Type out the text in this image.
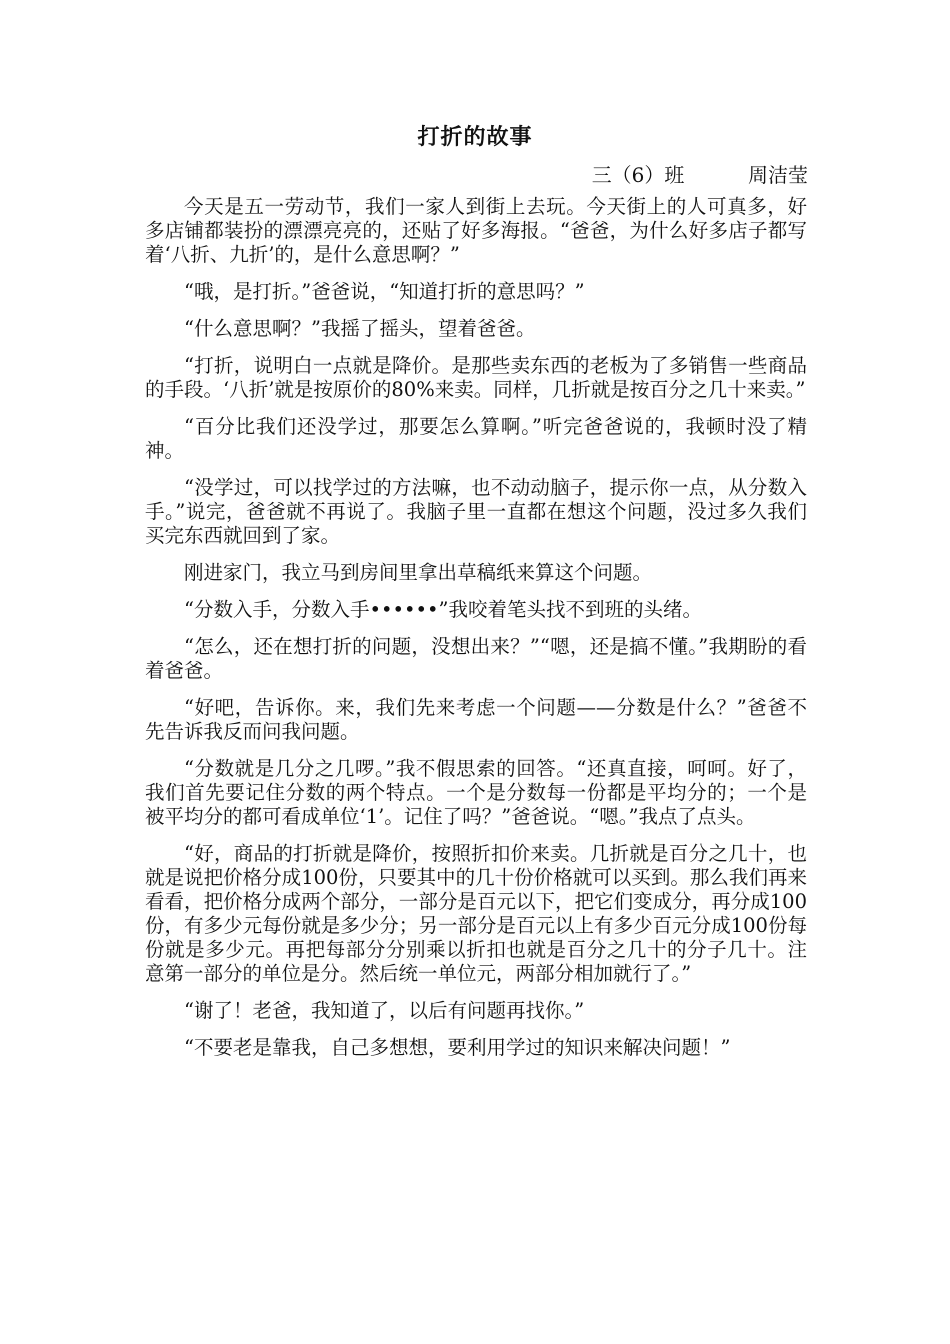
打折的故事

三（6）班          周洁莹

今天是五一劳动节，我们一家人到街上去玩。今天街上的人可真多，好多店铺都装扮的漂漂亮亮的，还贴了好多海报。“爸爸，为什么好多店子都写着‘八折、九折’的，是什么意思啊？”

“哦，是打折。”爸爸说，“知道打折的意思吗？”

“什么意思啊？”我摇了摇头，望着爸爸。

“打折，说明白一点就是降价。是那些卖东西的老板为了多销售一些商品的手段。‘八折’就是按原价的80%来卖。同样，几折就是按百分之几十来卖。”

“百分比我们还没学过，那要怎么算啊。”听完爸爸说的，我顿时没了精神。

“没学过，可以找学过的方法嘛，也不动动脑子，提示你一点，从分数入手。”说完，爸爸就不再说了。我脑子里一直都在想这个问题，没过多久我们买完东西就回到了家。

刚进家门，我立马到房间里拿出草稿纸来算这个问题。

“分数入手，分数入手••••••”我咬着笔头找不到班的头绪。

“怎么，还在想打折的问题，没想出来？”“嗯，还是搞不懂。”我期盼的看着爸爸。

“好吧，告诉你。来，我们先来考虑一个问题——分数是什么？”爸爸不先告诉我反而问我问题。

“分数就是几分之几啰。”我不假思索的回答。“还真直接，呵呵。好了，我们首先要记住分数的两个特点。一个是分数每一份都是平均分的；一个是被平均分的都可看成单位‘1’。记住了吗？”爸爸说。“嗯。”我点了点头。

“好，商品的打折就是降价，按照折扣价来卖。几折就是百分之几十，也就是说把价格分成100份，只要其中的几十份价格就可以买到。那么我们再来看看，把价格分成两个部分，一部分是百元以下，把它们变成分，再分成100份，有多少元每份就是多少分；另一部分是百元以上有多少百元分成100份每份就是多少元。再把每部分分别乘以折扣也就是百分之几十的分子几十。注意第一部分的单位是分。然后统一单位元，两部分相加就行了。”

“谢了！老爸，我知道了，以后有问题再找你。”

“不要老是靠我，自己多想想，要利用学过的知识来解决问题！”
